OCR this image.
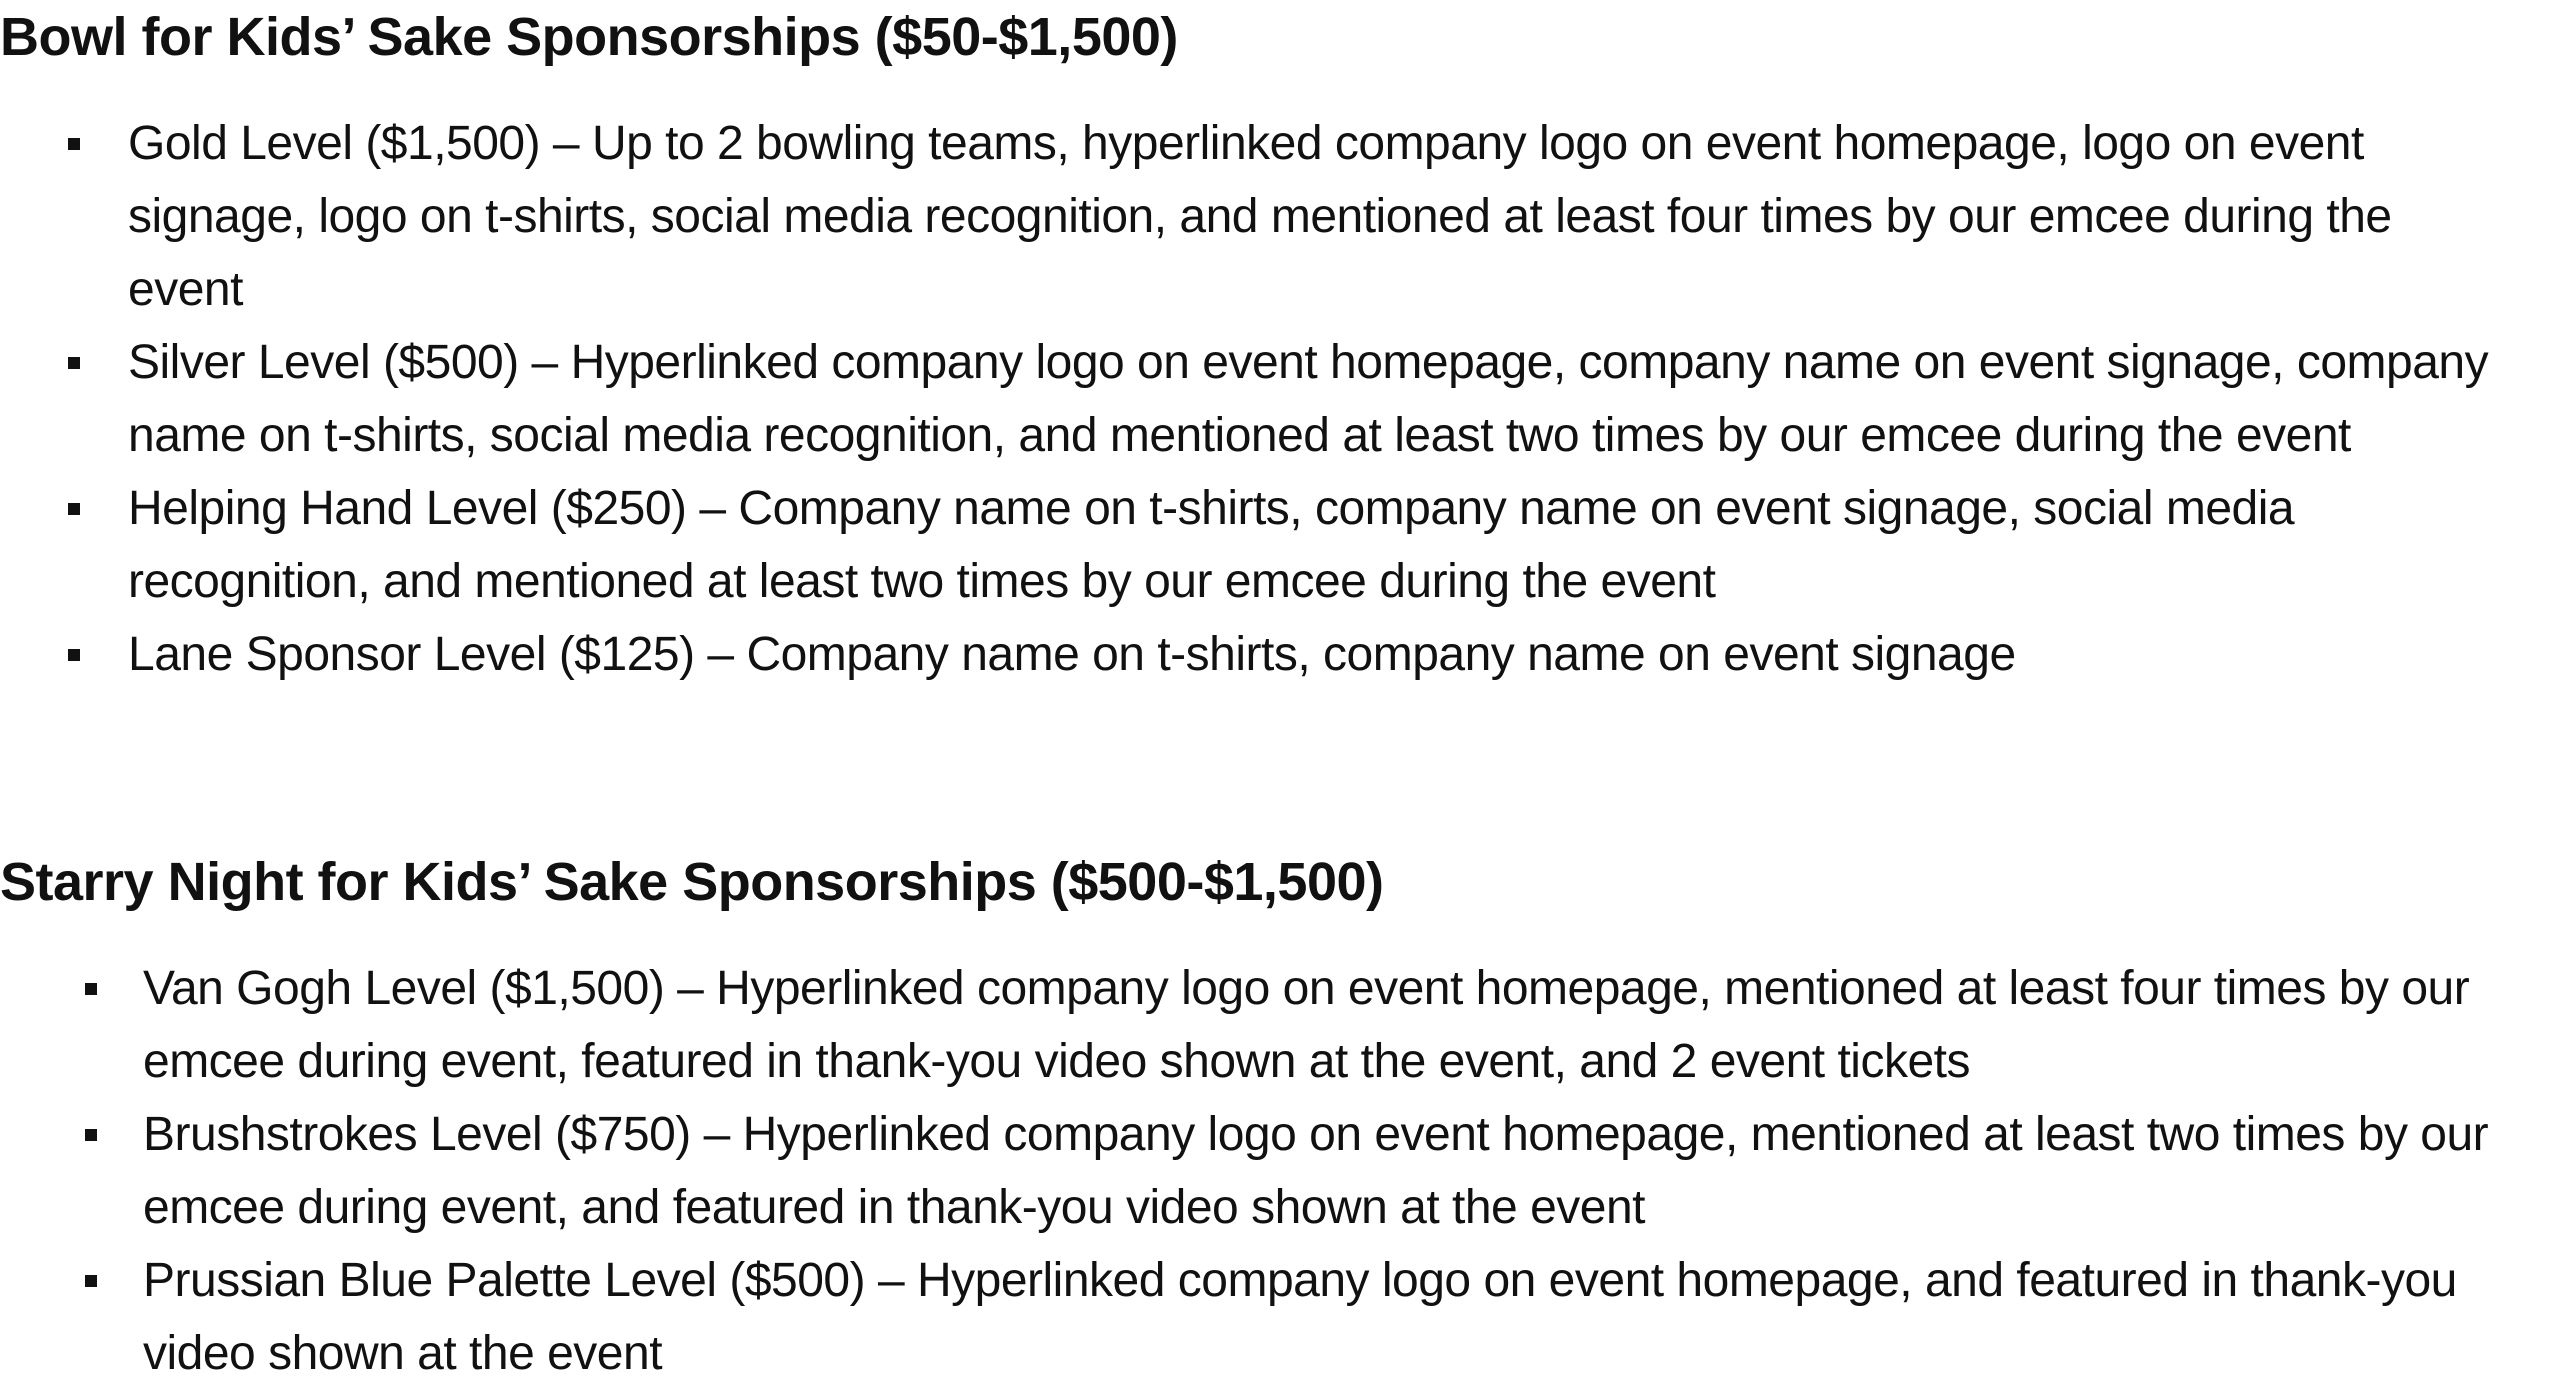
Bowl for Kids’ Sake Sponsorships ($50-$1,500)
Gold Level ($1,500) – Up to 2 bowling teams, hyperlinked company logo on event homepage, logo on event signage, logo on t-shirts, social media recognition, and mentioned at least four times by our emcee during the event
Silver Level ($500) – Hyperlinked company logo on event homepage, company name on event signage, company name on t-shirts, social media recognition, and mentioned at least two times by our emcee during the event
Helping Hand Level ($250) – Company name on t-shirts, company name on event signage, social media recognition, and mentioned at least two times by our emcee during the event
Lane Sponsor Level ($125) – Company name on t-shirts, company name on event signage
Starry Night for Kids’ Sake Sponsorships ($500-$1,500)
Van Gogh Level ($1,500) – Hyperlinked company logo on event homepage, mentioned at least four times by our emcee during event, featured in thank-you video shown at the event, and 2 event tickets
Brushstrokes Level ($750) – Hyperlinked company logo on event homepage, mentioned at least two times by our emcee during event, and featured in thank-you video shown at the event
Prussian Blue Palette Level ($500) – Hyperlinked company logo on event homepage, and featured in thank-you video shown at the event
